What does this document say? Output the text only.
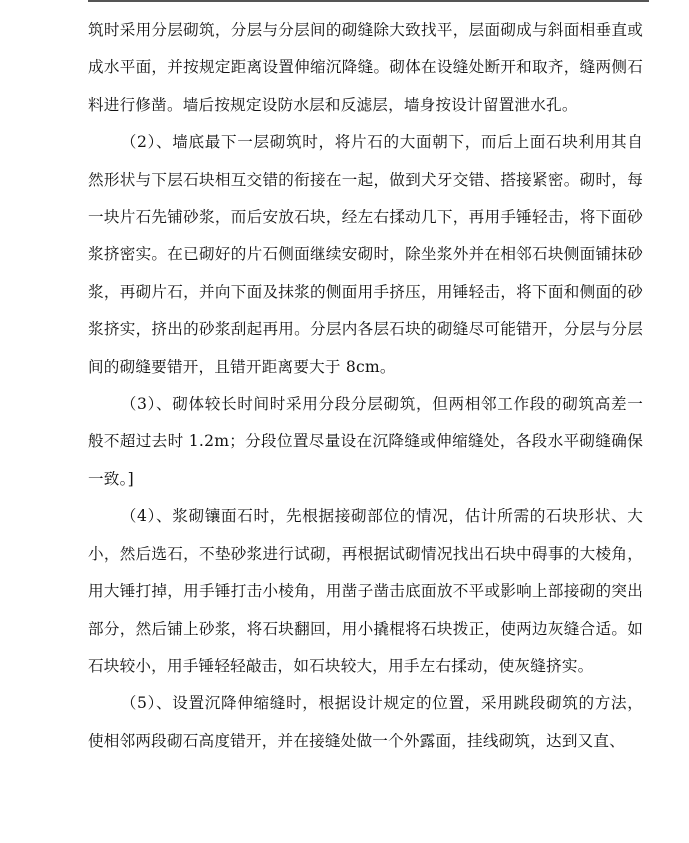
筑时采用分层砌筑，分层与分层间的砌缝除大致找平，层面砌成与斜面相垂直或成水平面，并按规定距离设置伸缩沉降缝。砌体在设缝处断开和取齐，缝两侧石料进行修凿。墙后按规定设防水层和反滤层，墙身按设计留置泄水孔。

（2）、墙底最下一层砌筑时，将片石的大面朝下，而后上面石块利用其自然形状与下层石块相互交错的衔接在一起，做到犬牙交错、搭接紧密。砌时，每一块片石先铺砂浆，而后安放石块，经左右揉动几下，再用手锤轻击，将下面砂浆挤密实。在已砌好的片石侧面继续安砌时，除坐浆外并在相邻石块侧面铺抹砂浆，再砌片石，并向下面及抹浆的侧面用手挤压，用锤轻击，将下面和侧面的砂浆挤实，挤出的砂浆刮起再用。分层内各层石块的砌缝尽可能错开，分层与分层间的砌缝要错开，且错开距离要大于 8cm。

（3）、砌体较长时间时采用分段分层砌筑，但两相邻工作段的砌筑高差一般不超过去时 1.2m；分段位置尽量设在沉降缝或伸缩缝处，各段水平砌缝确保一致。]

（4）、浆砌镶面石时，先根据接砌部位的情况，估计所需的石块形状、大小，然后选石，不垫砂浆进行试砌，再根据试砌情况找出石块中碍事的大棱角，用大锤打掉，用手锤打击小棱角，用凿子凿击底面放不平或影响上部接砌的突出部分，然后铺上砂浆，将石块翻回，用小撬棍将石块拨正，使两边灰缝合适。如石块较小，用手锤轻轻敲击，如石块较大，用手左右揉动，使灰缝挤实。

（5）、设置沉降伸缩缝时，根据设计规定的位置，采用跳段砌筑的方法，使相邻两段砌石高度错开，并在接缝处做一个外露面，挂线砌筑，达到又直、
